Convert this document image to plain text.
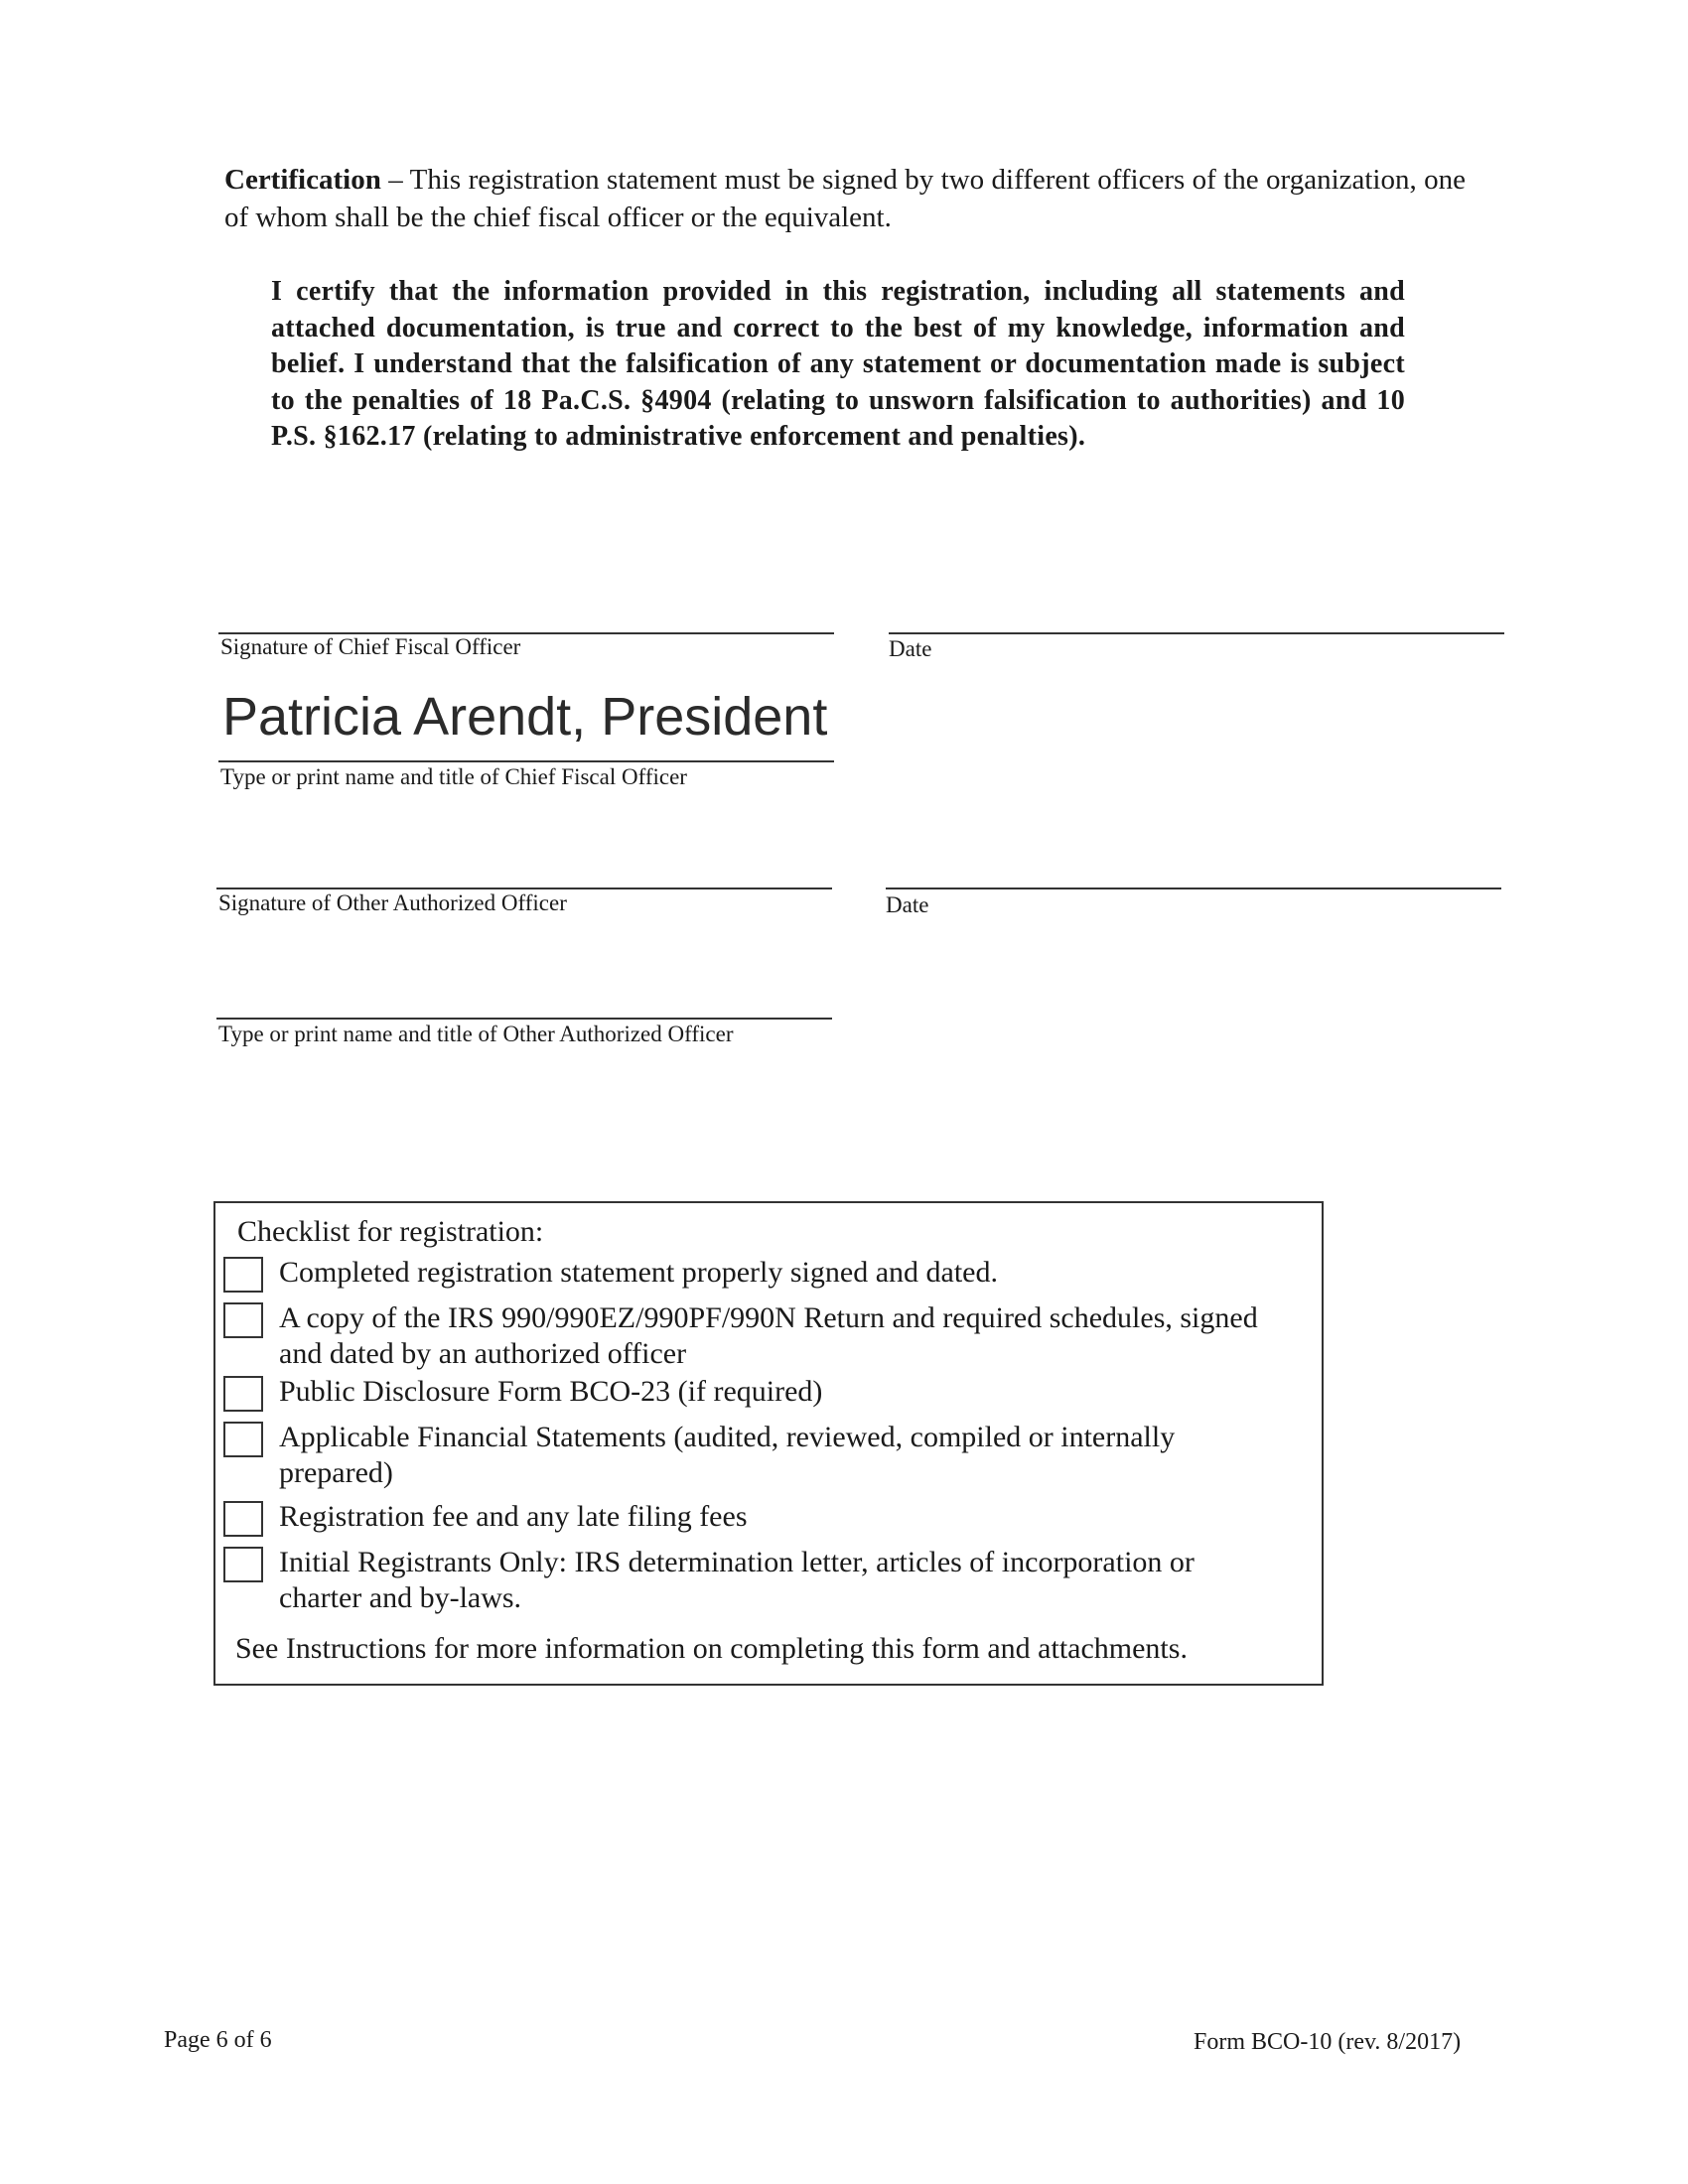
Certification – This registration statement must be signed by two different officers of the organization, one of whom shall be the chief fiscal officer or the equivalent.
I certify that the information provided in this registration, including all statements and attached documentation, is true and correct to the best of my knowledge, information and belief. I understand that the falsification of any statement or documentation made is subject to the penalties of 18 Pa.C.S. §4904 (relating to unsworn falsification to authorities) and 10 P.S. §162.17 (relating to administrative enforcement and penalties).
Signature of Chief Fiscal Officer	Date
Patricia Arendt, President
Type or print name and title of Chief Fiscal Officer
Signature of Other Authorized Officer	Date
Type or print name and title of Other Authorized Officer
Checklist for registration:
Completed registration statement properly signed and dated.
A copy of the IRS 990/990EZ/990PF/990N Return and required schedules, signed and dated by an authorized officer
Public Disclosure Form BCO-23 (if required)
Applicable Financial Statements (audited, reviewed, compiled or internally prepared)
Registration fee and any late filing fees
Initial Registrants Only: IRS determination letter, articles of incorporation or charter and by-laws.
See Instructions for more information on completing this form and attachments.
Page 6 of 6	Form BCO-10 (rev. 8/2017)
